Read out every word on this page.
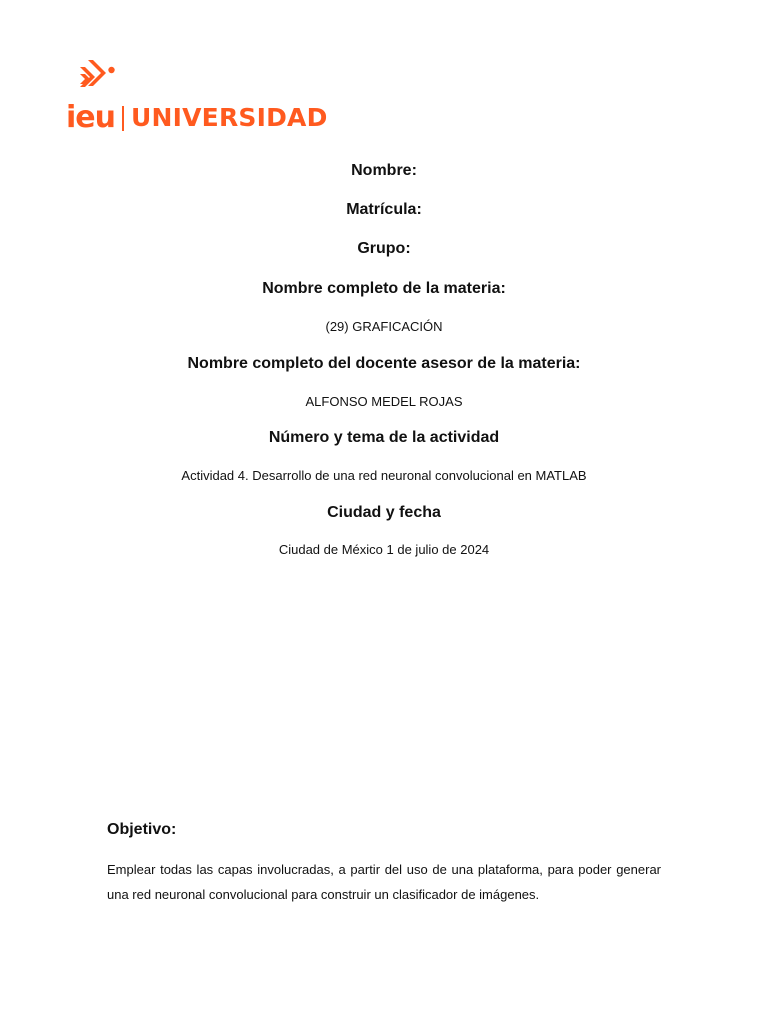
ieu UNIVERSIDAD
Nombre:
Matrícula:
Grupo:
Nombre completo de la materia:
(29) GRAFICACIÓN
Nombre completo del docente asesor de la materia:
ALFONSO MEDEL ROJAS
Número y tema de la actividad
Actividad 4. Desarrollo de una red neuronal convolucional en MATLAB
Ciudad y fecha
Ciudad de México 1 de julio de 2024
Objetivo:
Emplear todas las capas involucradas, a partir del uso de una plataforma, para poder generar una red neuronal convolucional para construir un clasificador de imágenes.
